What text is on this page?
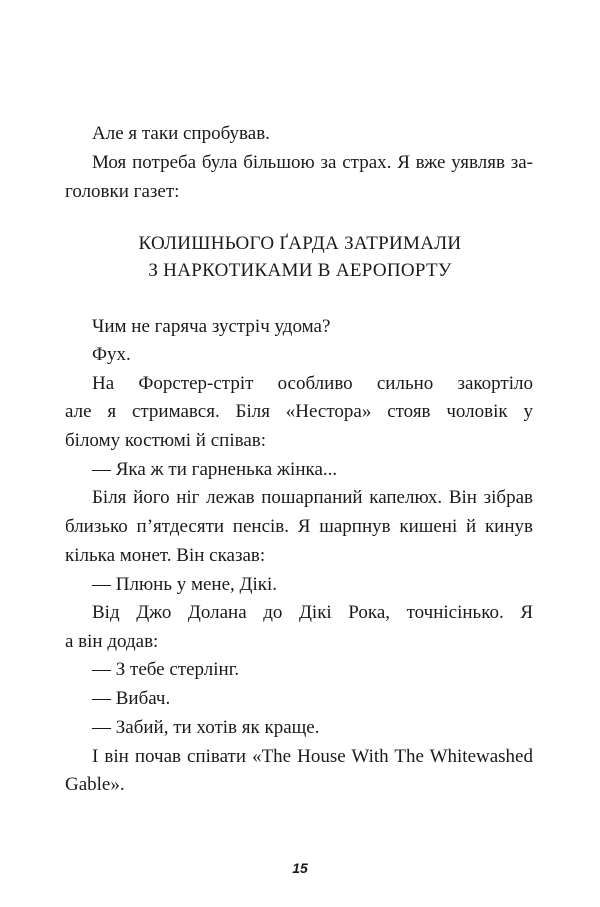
Але я таки спробував.
Моя потреба була більшою за страх. Я вже уявляв за-
головки газет:
КОЛИШНЬОГО ҐАРДА ЗАТРИМАЛИ
З НАРКОТИКАМИ В АЕРОПОРТУ
Чим не гаряча зустріч удома?
Фух.
На Форстер-стріт особливо сильно закортіло
але я стримався. Біля «Нестора» стояв чоловік у
білому костюмі й співав:
— Яка ж ти гарненька жінка...
Біля його ніг лежав пошарпаний капелюх. Він зібрав
близько п’ятдесяти пенсів. Я шарпнув кишені й кинув
кілька монет. Він сказав:
— Плюнь у мене, Дікі.
Від Джо Долана до Дікі Рока, точнісінько. Я
а він додав:
— З тебе стерлінг.
— Вибач.
— Забий, ти хотів як краще.
І він почав співати «The House With The Whitewashed
Gable».
15
